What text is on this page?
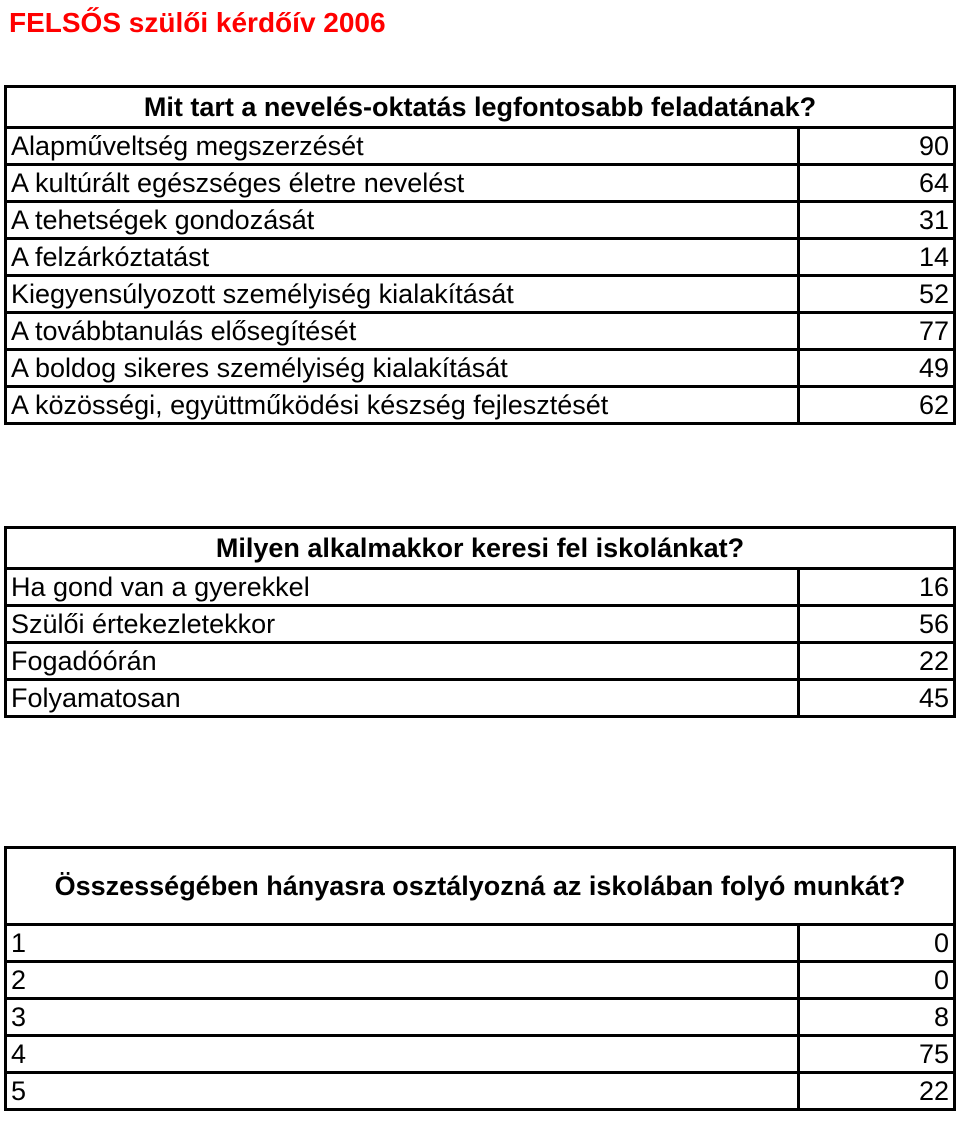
FELSŐS szülői kérdőív 2006
Mit tart a nevelés-oktatás legfontosabb feladatának?	
Alapműveltség megszerzését	90
A kultúrált egészséges életre nevelést	64
A tehetségek gondozását	31
A felzárkóztatást	14
Kiegyensúlyozott személyiség kialakítását	52
A továbbtanulás elősegítését	77
A boldog sikeres személyiség kialakítását	49
A közösségi, együttműködési készség fejlesztését	62
Milyen alkalmakkor keresi fel iskolánkat?	
Ha gond van a gyerekkel	16
Szülői értekezletekkor	56
Fogadóórán	22
Folyamatosan	45
Összességében hányasra osztályozná az iskolában folyó munkát?	
1	0
2	0
3	8
4	75
5	22
